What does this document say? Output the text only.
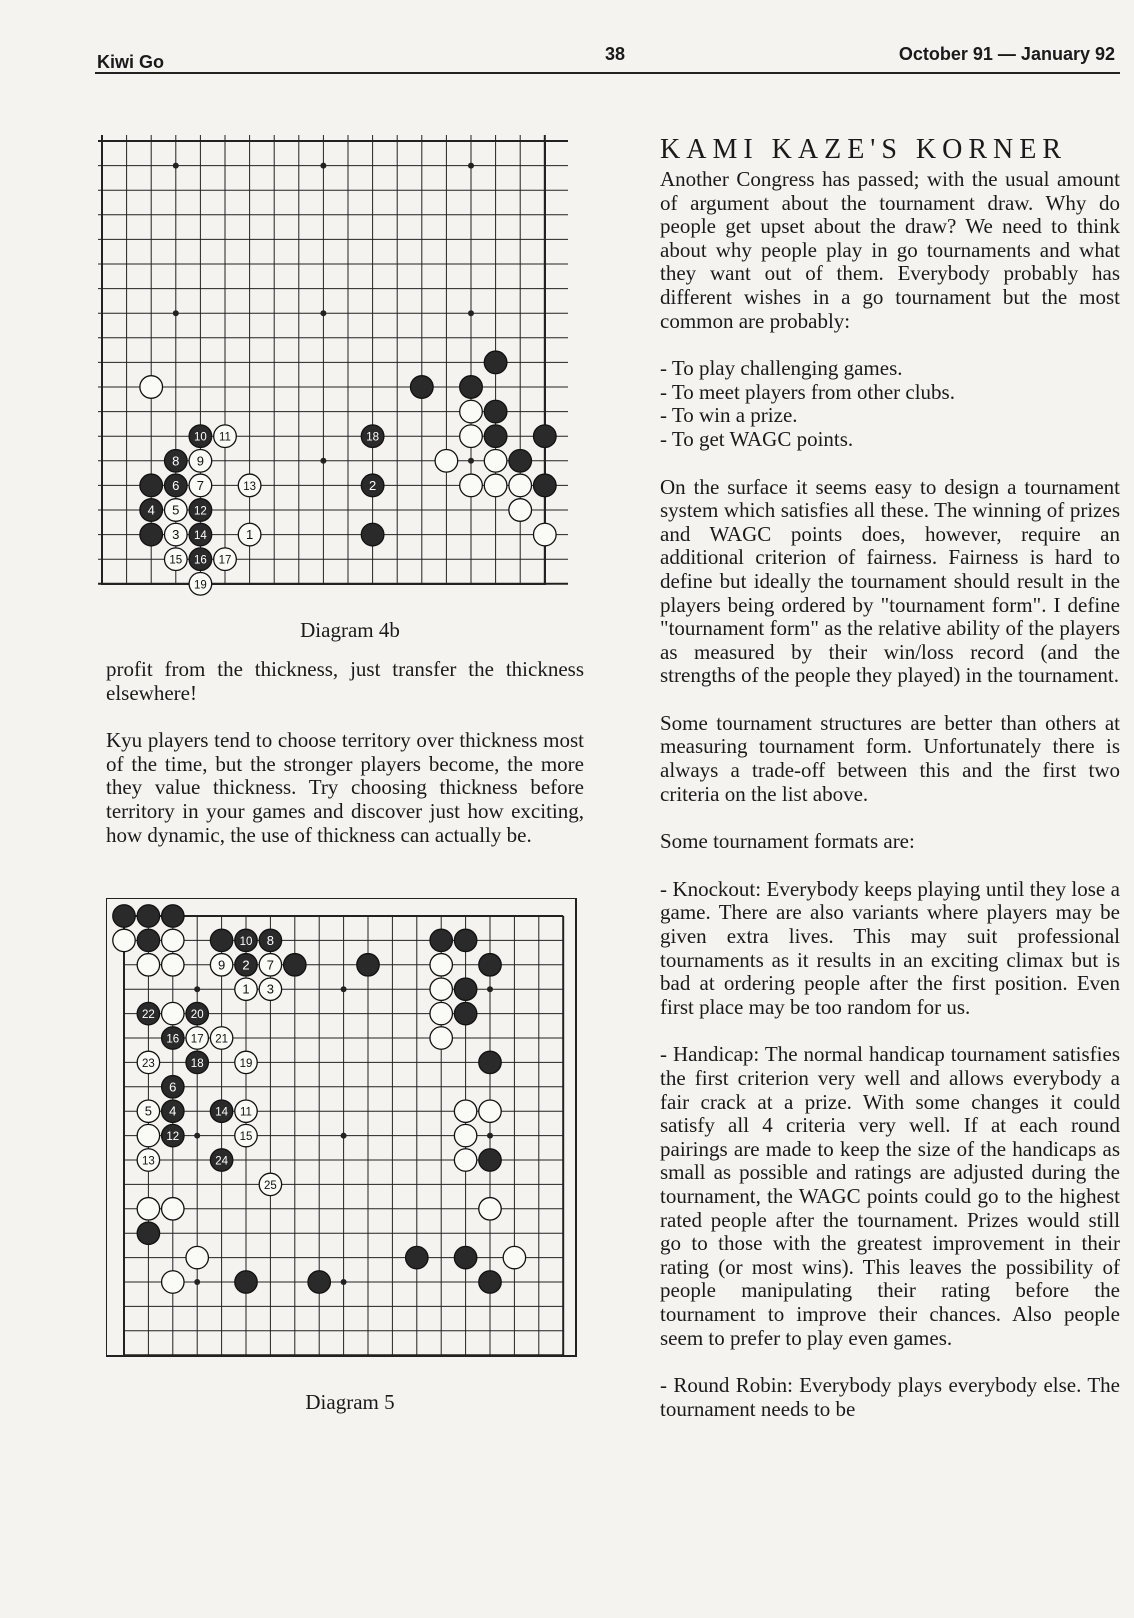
Kiwi Go	38	October 91 — January 92
10 11	18
8 9
6 7	13	2
4 5 12
3 14	1
15 16 17
19
Diagram 4b

profit from the thickness, just transfer the thickness elsewhere!

Kyu players tend to choose territory over thickness most of the time, but the stronger players become, the more they value thickness. Try choosing thickness before territory in your games and discover just how exciting, how dynamic, the use of thickness can actually be.

10 8
9 2 7
1 3
22	20
16 17 21
23	18	19
6
5 4	14 11
12	15
13	24
25
Diagram 5
KAMI KAZE'S KORNER

Another Congress has passed; with the usual amount of argument about the tournament draw. Why do people get upset about the draw? We need to think about why people play in go tournaments and what they want out of them. Everybody probably has different wishes in a go tournament but the most common are probably:

- To play challenging games.
- To meet players from other clubs.
- To win a prize.
- To get WAGC points.

On the surface it seems easy to design a tournament system which satisfies all these. The winning of prizes and WAGC points does, however, require an additional criterion of fairness. Fairness is hard to define but ideally the tournament should result in the players being ordered by "tournament form". I define "tournament form" as the relative ability of the players as measured by their win/loss record (and the strengths of the people they played) in the tournament.

Some tournament structures are better than others at measuring tournament form. Unfortunately there is always a trade-off between this and the first two criteria on the list above.

Some tournament formats are:

- Knockout: Everybody keeps playing until they lose a game. There are also variants where players may be given extra lives. This may suit professional tournaments as it results in an exciting climax but is bad at ordering people after the first position. Even first place may be too random for us.

- Handicap: The normal handicap tournament satisfies the first criterion very well and allows everybody a fair crack at a prize. With some changes it could satisfy all 4 criteria very well. If at each round pairings are made to keep the size of the handicaps as small as possible and ratings are adjusted during the tournament, the WAGC points could go to the highest rated people after the tournament. Prizes would still go to those with the greatest improvement in their rating (or most wins). This leaves the possibility of people manipulating their rating before the tournament to improve their chances. Also people seem to prefer to play even games.

- Round Robin: Everybody plays everybody else. The tournament needs to be
